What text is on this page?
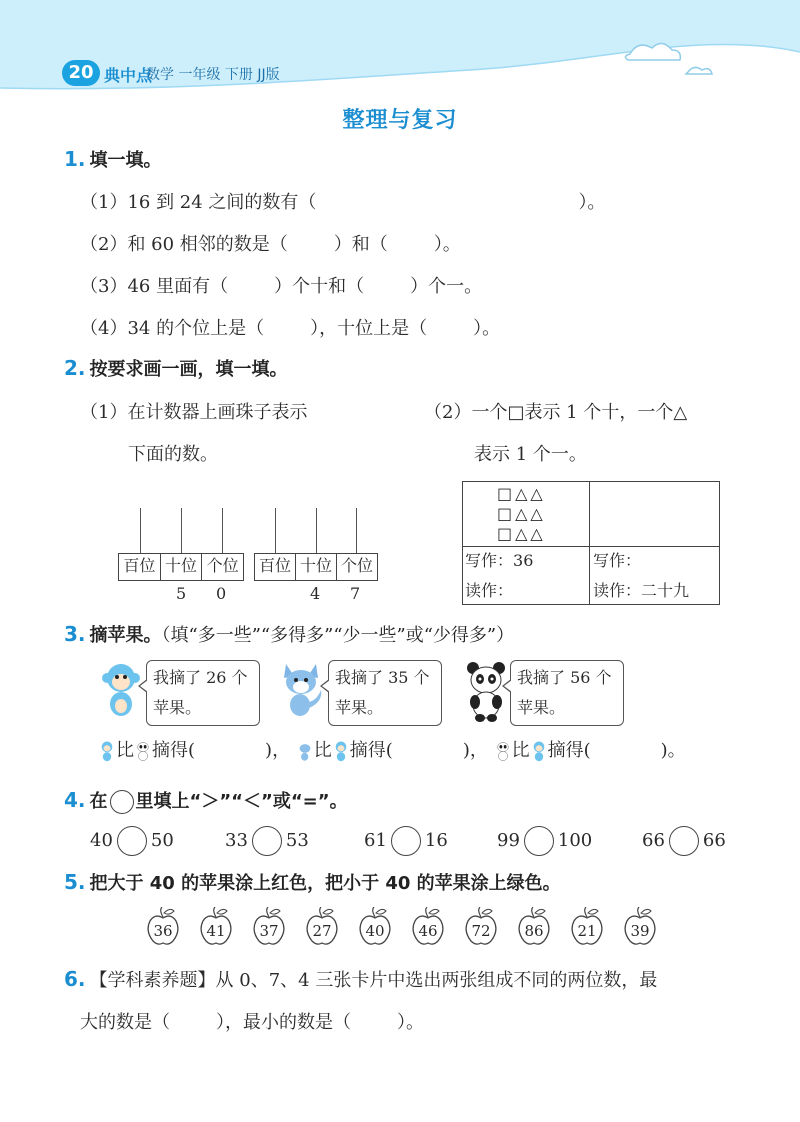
20 典中点
数学 一年级 下册 JJ版
整理与复习
1. 填一填。
（1）16 到 24 之间的数有（	）。
（2）和 60 相邻的数是（	）和（	）。
（3）46 里面有（	）个十和（	）个一。
（4）34 的个位上是（	），十位上是（	）。
2. 按要求画一画，填一填。
（1）在计数器上画珠子表示
下面的数。
（2）一个□表示 1 个十，一个△
表示 1 个一。
百位 十位 个位
5 0
百位 十位 个位
4 7
□△△
□△△
□△△
写作：36
读作：
写作：
读作：二十九
3. 摘苹果。（填“多一些”“多得多”“少一些”或“少得多”）
我摘了 26 个
苹果。
我摘了 35 个
苹果。
我摘了 56 个
苹果。
比 摘得(	)， 比 摘得(	)， 比 摘得(	)。
4. 在 里填上“＞”“＜”或“=”。
40 50	33 53	61 16	99 100	66 66
5. 把大于 40 的苹果涂上红色，把小于 40 的苹果涂上绿色。
36	41	37	27	40	46	72	86	21	39
6. 【学科素养题】从 0、7、4 三张卡片中选出两张组成不同的两位数，最
大的数是（	），最小的数是（	）。
